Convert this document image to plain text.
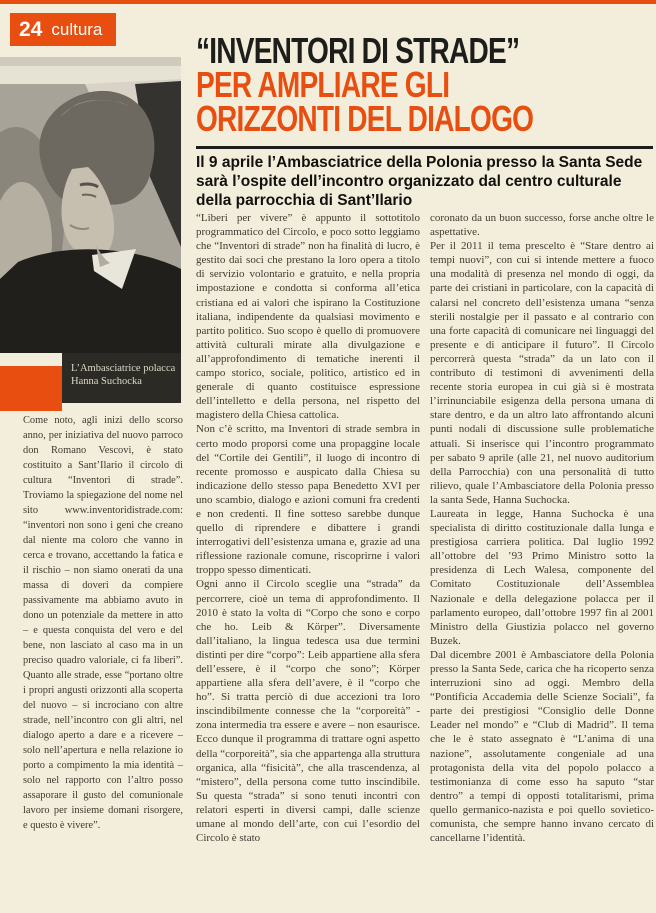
24 cultura
L’Ambasciatrice polacca
Hanna Suchocka
“INVENTORI DI STRADE”
PER AMPLIARE GLI
ORIZZONTI DEL DIALOGO
Il 9 aprile l’Ambasciatrice della Polonia presso la Santa Sede sarà l’ospite dell’incontro organizzato dal centro culturale della parrocchia di Sant’Ilario

Come noto, agli inizi dello scorso anno, per iniziativa del nuovo parroco don Romano Vescovi, è stato costituito a Sant’Ilario il circolo di cultura “Inventori di strade”. Troviamo la spiegazione del nome nel sito www.inventoridistrade.com: “inventori non sono i geni che creano dal niente ma coloro che vanno in cerca e trovano, accettando la fatica e il rischio – non siamo onerati da una massa di doveri da compiere passivamente ma abbiamo avuto in dono un potenziale da mettere in atto – e questa conquista del vero e del bene, non lasciato al caso ma in un preciso quadro valoriale, ci fa liberi”. Quanto alle strade, esse “portano oltre i propri angusti orizzonti alla scoperta del nuovo – si incrociano con altre strade, nell’incontro con gli altri, nel dialogo aperto a dare e a ricevere – solo nell’apertura e nella relazione io porto a compimento la mia identità – solo nel rapporto con l’altro posso assaporare il gusto del comunionale lavoro per insieme domani risorgere, e questo è vivere”.

“Liberi per vivere” è appunto il sottotitolo programmatico del Circolo, e poco sotto leggiamo che “Inventori di strade” non ha finalità di lucro, è gestito dai soci che prestano la loro opera a titolo di servizio volontario e gratuito, e nella propria impostazione e condotta si conforma all’etica cristiana ed ai valori che ispirano la Costituzione italiana, indipendente da qualsiasi movimento e partito politico. Suo scopo è quello di promuovere attività culturali mirate alla divulgazione e all’approfondimento di tematiche inerenti il campo storico, sociale, politico, artistico ed in generale di quanto costituisce espressione dell’intelletto e della persona, nel rispetto del magistero della Chiesa cattolica.

Non c’è scritto, ma Inventori di strade sembra in certo modo proporsi come una propaggine locale del “Cortile dei Gentili”, il luogo di incontro di recente promosso e auspicato dalla Chiesa su indicazione dello stesso papa Benedetto XVI per uno scambio, dialogo e azioni comuni fra credenti e non credenti. Il fine sotteso sarebbe dunque quello di riprendere e dibattere i grandi interrogativi dell’esistenza umana e, grazie ad una riflessione razionale comune, riscoprirne i valori troppo spesso dimenticati.

Ogni anno il Circolo sceglie una “strada” da percorrere, cioè un tema di approfondimento. Il 2010 è stato la volta di “Corpo che sono e corpo che ho. Leib & Körper”. Diversamente dall’italiano, la lingua tedesca usa due termini distinti per dire “corpo”: Leib appartiene alla sfera dell’essere, è il “corpo che sono”; Körper appartiene alla sfera dell’avere, è il “corpo che ho”. Si tratta perciò di due accezioni tra loro inscindibilmente connesse che la “corporeità” - zona intermedia tra essere e avere – non esaurisce. Ecco dunque il programma di trattare ogni aspetto della “corporeità”, sia che appartenga alla struttura organica, alla “fisicità”, che alla trascendenza, al “mistero”, della persona come tutto inscindibile. Su questa “strada” si sono tenuti incontri con relatori esperti in diversi campi, dalle scienze umane al mondo dell’arte, con cui l’esordio del Circolo è stato

coronato da un buon successo, forse anche oltre le aspettative.

Per il 2011 il tema prescelto è “Stare dentro ai tempi nuovi”, con cui si intende mettere a fuoco una modalità di presenza nel mondo di oggi, da parte dei cristiani in particolare, con la capacità di calarsi nel concreto dell’esistenza umana “senza sterili nostalgie per il passato e al contrario con una forte capacità di comunicare nei linguaggi del presente e di anticipare il futuro”. Il Circolo percorrerà questa “strada” da un lato con il contributo di testimoni di avvenimenti della recente storia europea in cui già si è mostrata l’irrinunciabile esigenza della persona umana di stare dentro, e da un altro lato affrontando alcuni punti nodali di discussione sulle problematiche attuali. Si inserisce qui l’incontro programmato per sabato 9 aprile (alle 21, nel nuovo auditorium della Parrocchia) con una personalità di tutto rilievo, quale l’Ambasciatore della Polonia presso la santa Sede, Hanna Suchocka.

Laureata in legge, Hanna Suchocka è una specialista di diritto costituzionale dalla lunga e prestigiosa carriera politica. Dal luglio 1992 all’ottobre del ’93 Primo Ministro sotto la presidenza di Lech Walesa, componente del Comitato Costituzionale dell’Assemblea Nazionale e della delegazione polacca per il parlamento europeo, dall’ottobre 1997 fin al 2001 Ministro della Giustizia polacco nel governo Buzek.

Dal dicembre 2001 è Ambasciatore della Polonia presso la Santa Sede, carica che ha ricoperto senza interruzioni sino ad oggi. Membro della “Pontificia Accademia delle Scienze Sociali”, fa parte dei prestigiosi “Consiglio delle Donne Leader nel mondo” e “Club di Madrid”. Il tema che le è stato assegnato è “L’anima di una nazione”, assolutamente congeniale ad una protagonista della vita del popolo polacco a testimonianza di come esso ha saputo “star dentro” a tempi di opposti totalitarismi, prima quello germanico-nazista e poi quello sovietico-comunista, che sempre hanno invano cercato di cancellarne l’identità.
